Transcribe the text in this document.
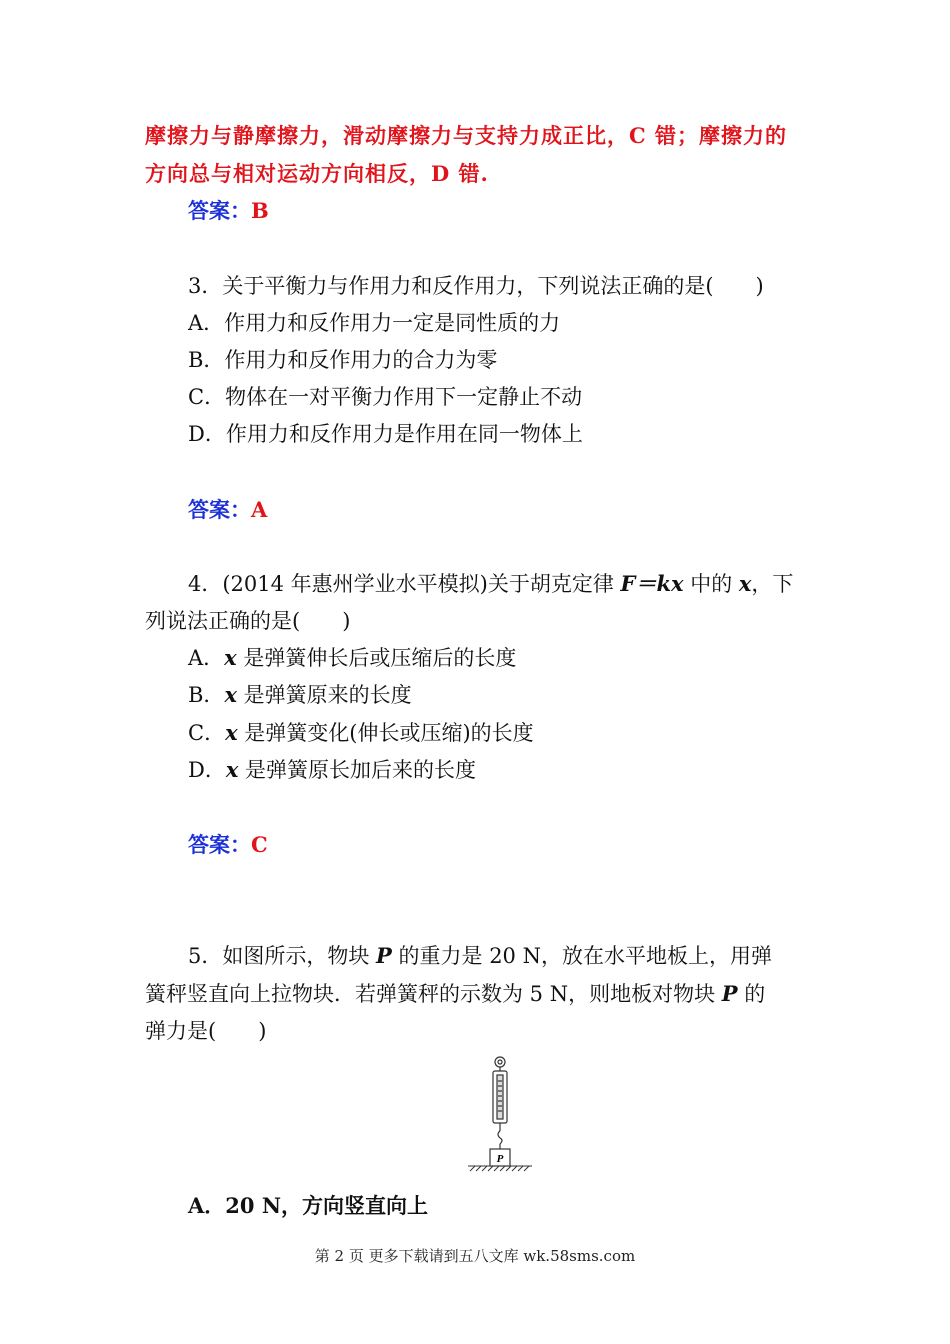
摩擦力与静摩擦力，滑动摩擦力与支持力成正比，C 错；摩擦力的
方向总与相对运动方向相反，D 错.
答案：B
3．关于平衡力与作用力和反作用力，下列说法正确的是(　　)
A．作用力和反作用力一定是同性质的力
B．作用力和反作用力的合力为零
C．物体在一对平衡力作用下一定静止不动
D．作用力和反作用力是作用在同一物体上
答案：A
4．(2014 年惠州学业水平模拟)关于胡克定律 F＝kx 中的 x，下
列说法正确的是(　　)
A．x 是弹簧伸长后或压缩后的长度
B．x 是弹簧原来的长度
C．x 是弹簧变化(伸长或压缩)的长度
D．x 是弹簧原长加后来的长度
答案：C
5．如图所示，物块 P 的重力是 20 N，放在水平地板上，用弹
簧秤竖直向上拉物块．若弹簧秤的示数为 5 N，则地板对物块 P 的
弹力是(　　)
P
A．20 N，方向竖直向上
第 2 页 更多下载请到五八文库 wk.58sms.com
